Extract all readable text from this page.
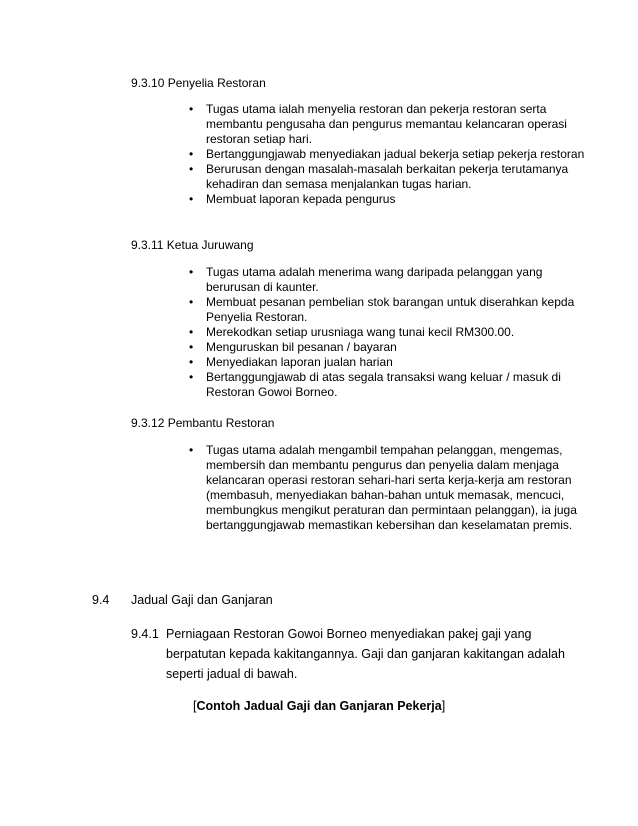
9.3.10 Penyelia Restoran
• Tugas utama ialah menyelia restoran dan pekerja restoran serta membantu pengusaha dan pengurus memantau kelancaran operasi restoran setiap hari.
• Bertanggungjawab menyediakan jadual bekerja setiap pekerja restoran
• Berurusan dengan masalah-masalah berkaitan pekerja terutamanya kehadiran dan semasa menjalankan tugas harian.
• Membuat laporan kepada pengurus
9.3.11 Ketua Juruwang
• Tugas utama adalah menerima wang daripada pelanggan yang berurusan di kaunter.
• Membuat pesanan pembelian stok barangan untuk diserahkan kepda Penyelia Restoran.
• Merekodkan setiap urusniaga wang tunai kecil RM300.00.
• Menguruskan bil pesanan / bayaran
• Menyediakan laporan jualan harian
• Bertanggungjawab di atas segala transaksi wang keluar / masuk di Restoran Gowoi Borneo.
9.3.12 Pembantu Restoran
• Tugas utama adalah mengambil tempahan pelanggan, mengemas, membersih dan membantu pengurus dan penyelia dalam menjaga kelancaran operasi restoran sehari-hari serta kerja-kerja am restoran (membasuh, menyediakan bahan-bahan untuk memasak, mencuci, membungkus mengikut peraturan dan permintaan pelanggan), ia juga bertanggungjawab memastikan kebersihan dan keselamatan premis.
9.4 Jadual Gaji dan Ganjaran
9.4.1 Perniagaan Restoran Gowoi Borneo menyediakan pakej gaji yang
berpatutan kepada kakitangannya. Gaji dan ganjaran kakitangan adalah
seperti jadual di bawah.
[Contoh Jadual Gaji dan Ganjaran Pekerja]
